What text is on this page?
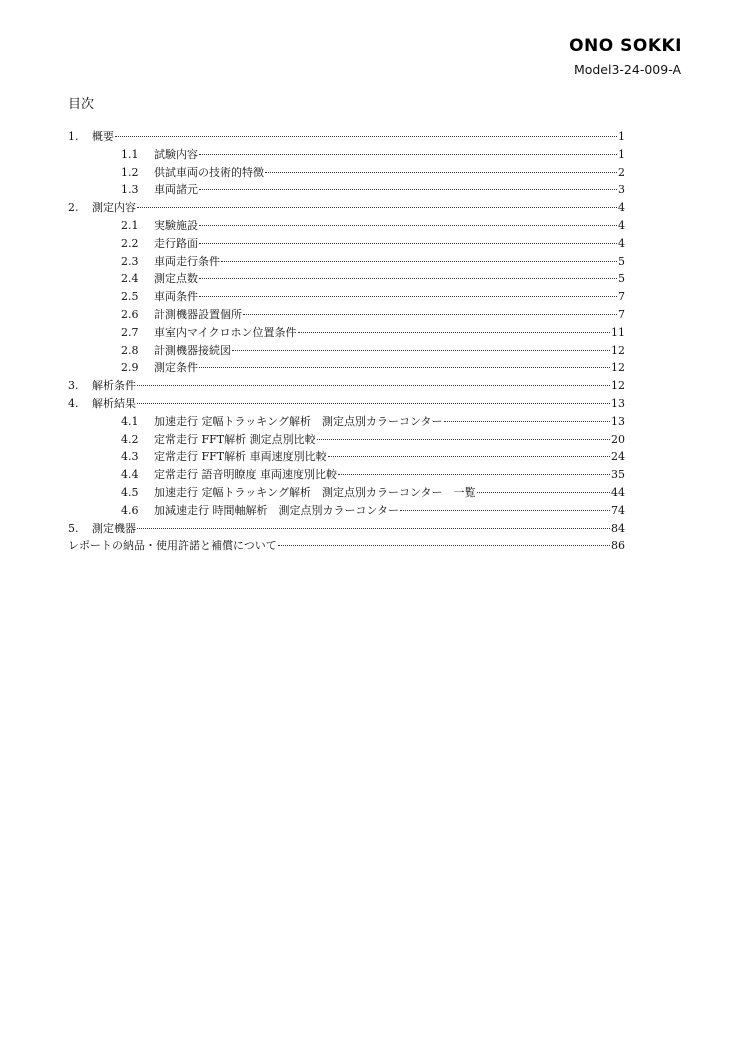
ONO SOKKI
Model3-24-009-A
目次
1.	概要	1
1.1	試験内容	1
1.2	供試車両の技術的特徴	2
1.3	車両諸元	3
2.	測定内容	4
2.1	実験施設	4
2.2	走行路面	4
2.3	車両走行条件	5
2.4	測定点数	5
2.5	車両条件	7
2.6	計測機器設置個所	7
2.7	車室内マイクロホン位置条件	11
2.8	計測機器接続図	12
2.9	測定条件	12
3.	解析条件	12
4.	解析結果	13
4.1	加速走行 定幅トラッキング解析　測定点別カラーコンター	13
4.2	定常走行 FFT解析 測定点別比較	20
4.3	定常走行 FFT解析 車両速度別比較	24
4.4	定常走行 語音明瞭度 車両速度別比較	35
4.5	加速走行 定幅トラッキング解析　測定点別カラーコンター　一覧	44
4.6	加減速走行 時間軸解析　測定点別カラーコンター	74
5.	測定機器	84
レポートの納品・使用許諾と補償について	86
